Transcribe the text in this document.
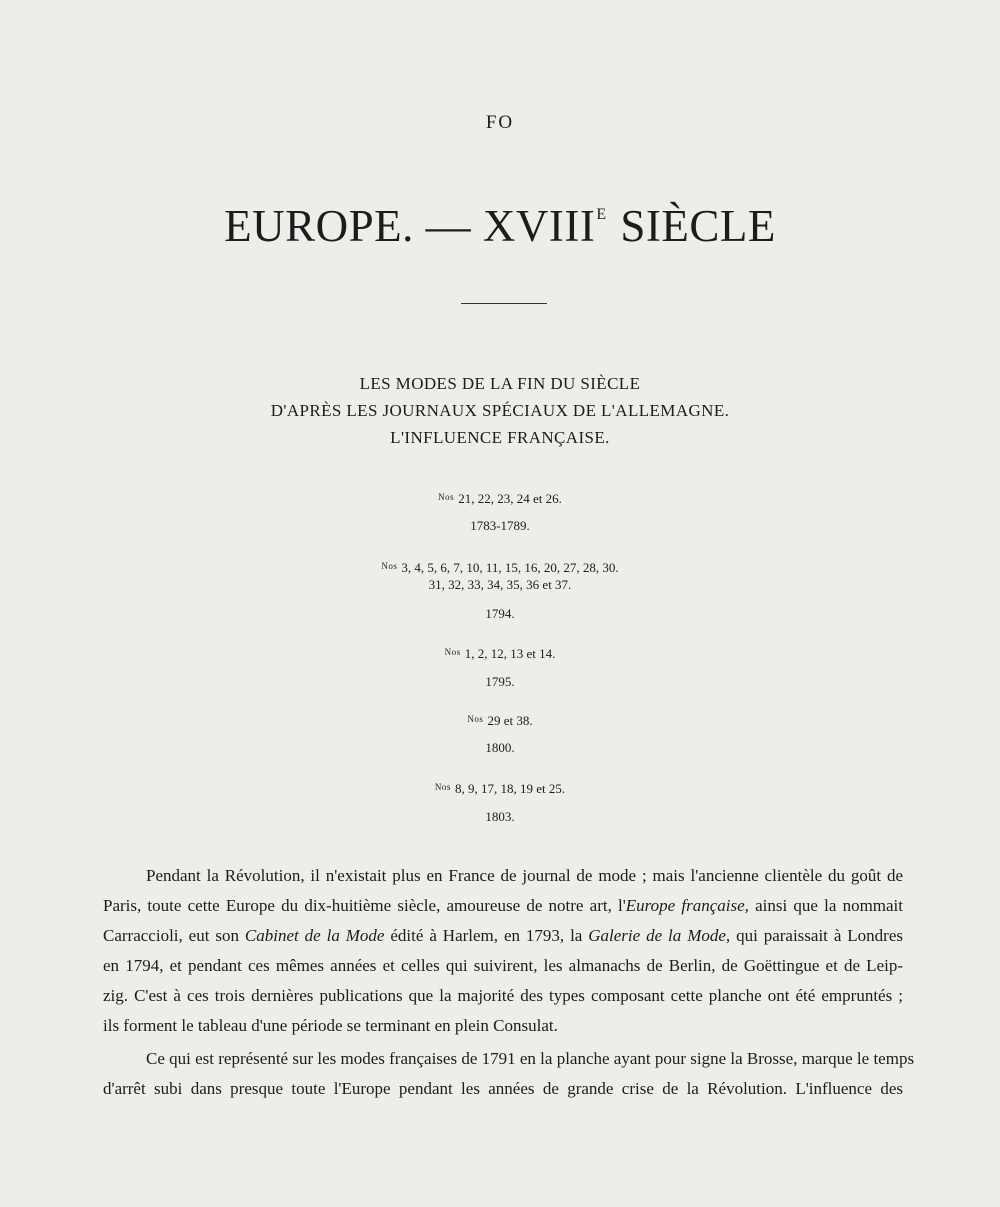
FO
EUROPE. — $XVIII^E$ SIÈCLE
LES MODES DE LA FIN DU SIÈCLE
D'APRÈS LES JOURNAUX SPÉCIAUX DE L'ALLEMAGNE.
L'INFLUENCE FRANÇAISE.
$^{Nos}$ 21, 22, 23, 24 et 26.
1783-1789.
$^{Nos}$ 3, 4, 5, 6, 7, 10, 11, 15, 16, 20, 27, 28, 30.
31, 32, 33, 34, 35, 36 et 37.
1794.
$^{Nos}$ 1, 2, 12, 13 et 14.
1795.
$^{Nos}$ 29 et 38.
1800.
$^{Nos}$ 8, 9, 17, 18, 19 et 25.
1803.
Pendant la Révolution, il n'existait plus en France de journal de mode ; mais l'ancienne clientèle du goût de
Paris, toute cette Europe du dix-huitième siècle, amoureuse de notre art, l'Europe française, ainsi que la nommait
Carraccioli, eut son Cabinet de la Mode édité à Harlem, en 1793, la Galerie de la Mode, qui paraissait à Londres
en 1794, et pendant ces mêmes années et celles qui suivirent, les almanachs de Berlin, de Goëttingue et de Leip-
zig. C'est à ces trois dernières publications que la majorité des types composant cette planche ont été empruntés ;
ils forment le tableau d'une période se terminant en plein Consulat.
Ce qui est représenté sur les modes françaises de 1791 en la planche ayant pour signe la Brosse, marque le temps
d'arrêt subi dans presque toute l'Europe pendant les années de grande crise de la Révolution. L'influence des
